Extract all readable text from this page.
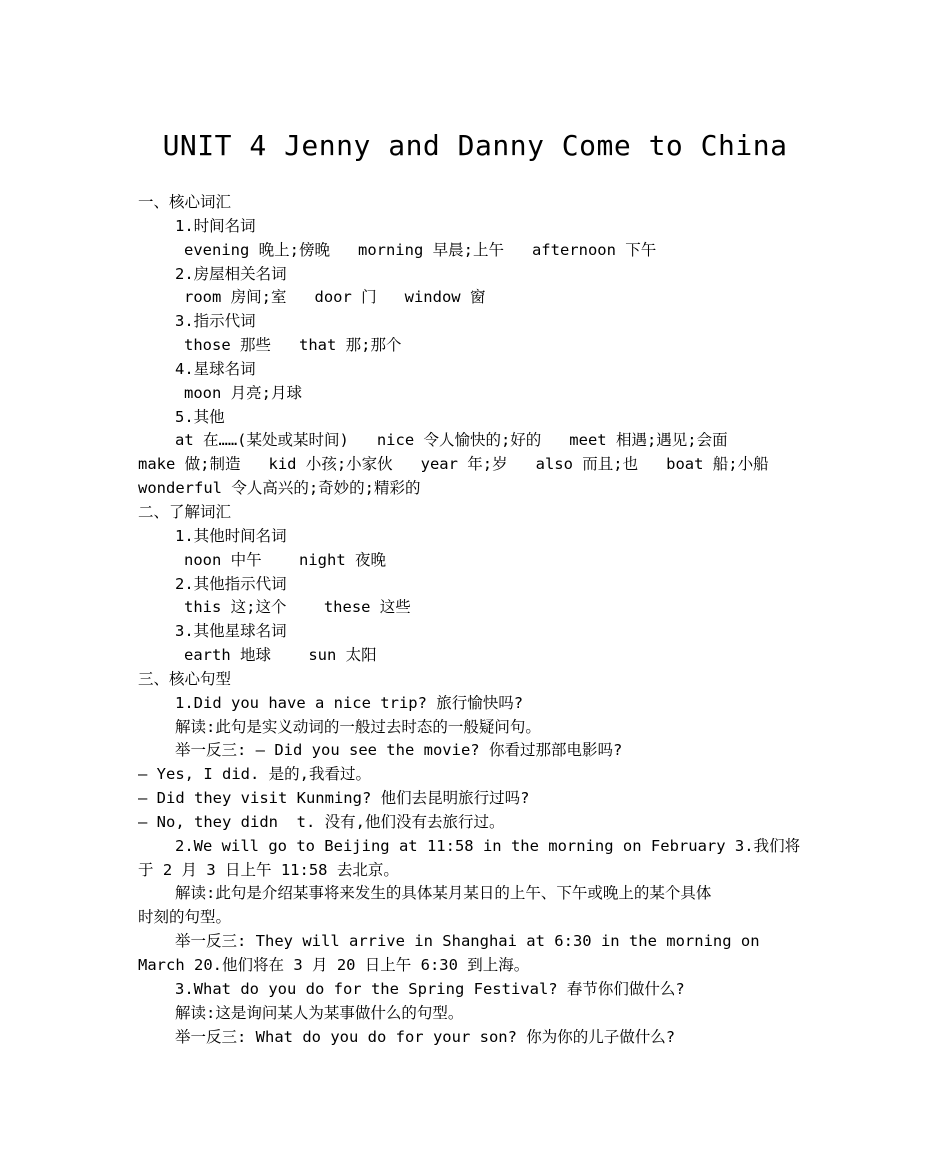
UNIT 4 Jenny and Danny Come to China
一、核心词汇
1.时间名词
evening 晚上;傍晚   morning 早晨;上午   afternoon 下午
2.房屋相关名词
room 房间;室   door 门   window 窗
3.指示代词
those 那些   that 那;那个
4.星球名词
moon 月亮;月球
5.其他
at 在……(某处或某时间)   nice 令人愉快的;好的   meet 相遇;遇见;会面
make 做;制造   kid 小孩;小家伙   year 年;岁   also 而且;也   boat 船;小船
wonderful 令人高兴的;奇妙的;精彩的
二、了解词汇
1.其他时间名词
noon 中午    night 夜晚
2.其他指示代词
this 这;这个    these 这些
3.其他星球名词
earth 地球    sun 太阳
三、核心句型
1.Did you have a nice trip? 旅行愉快吗?
解读:此句是实义动词的一般过去时态的一般疑问句。
举一反三: — Did you see the movie? 你看过那部电影吗?
— Yes, I did. 是的,我看过。
— Did they visit Kunming? 他们去昆明旅行过吗?
— No, they didn  t. 没有,他们没有去旅行过。
2.We will go to Beijing at 11:58 in the morning on February 3.我们将
于 2 月 3 日上午 11:58 去北京。
解读:此句是介绍某事将来发生的具体某月某日的上午、下午或晚上的某个具体
时刻的句型。
举一反三: They will arrive in Shanghai at 6:30 in the morning on
March 20.他们将在 3 月 20 日上午 6:30 到上海。
3.What do you do for the Spring Festival? 春节你们做什么?
解读:这是询问某人为某事做什么的句型。
举一反三: What do you do for your son? 你为你的儿子做什么?
